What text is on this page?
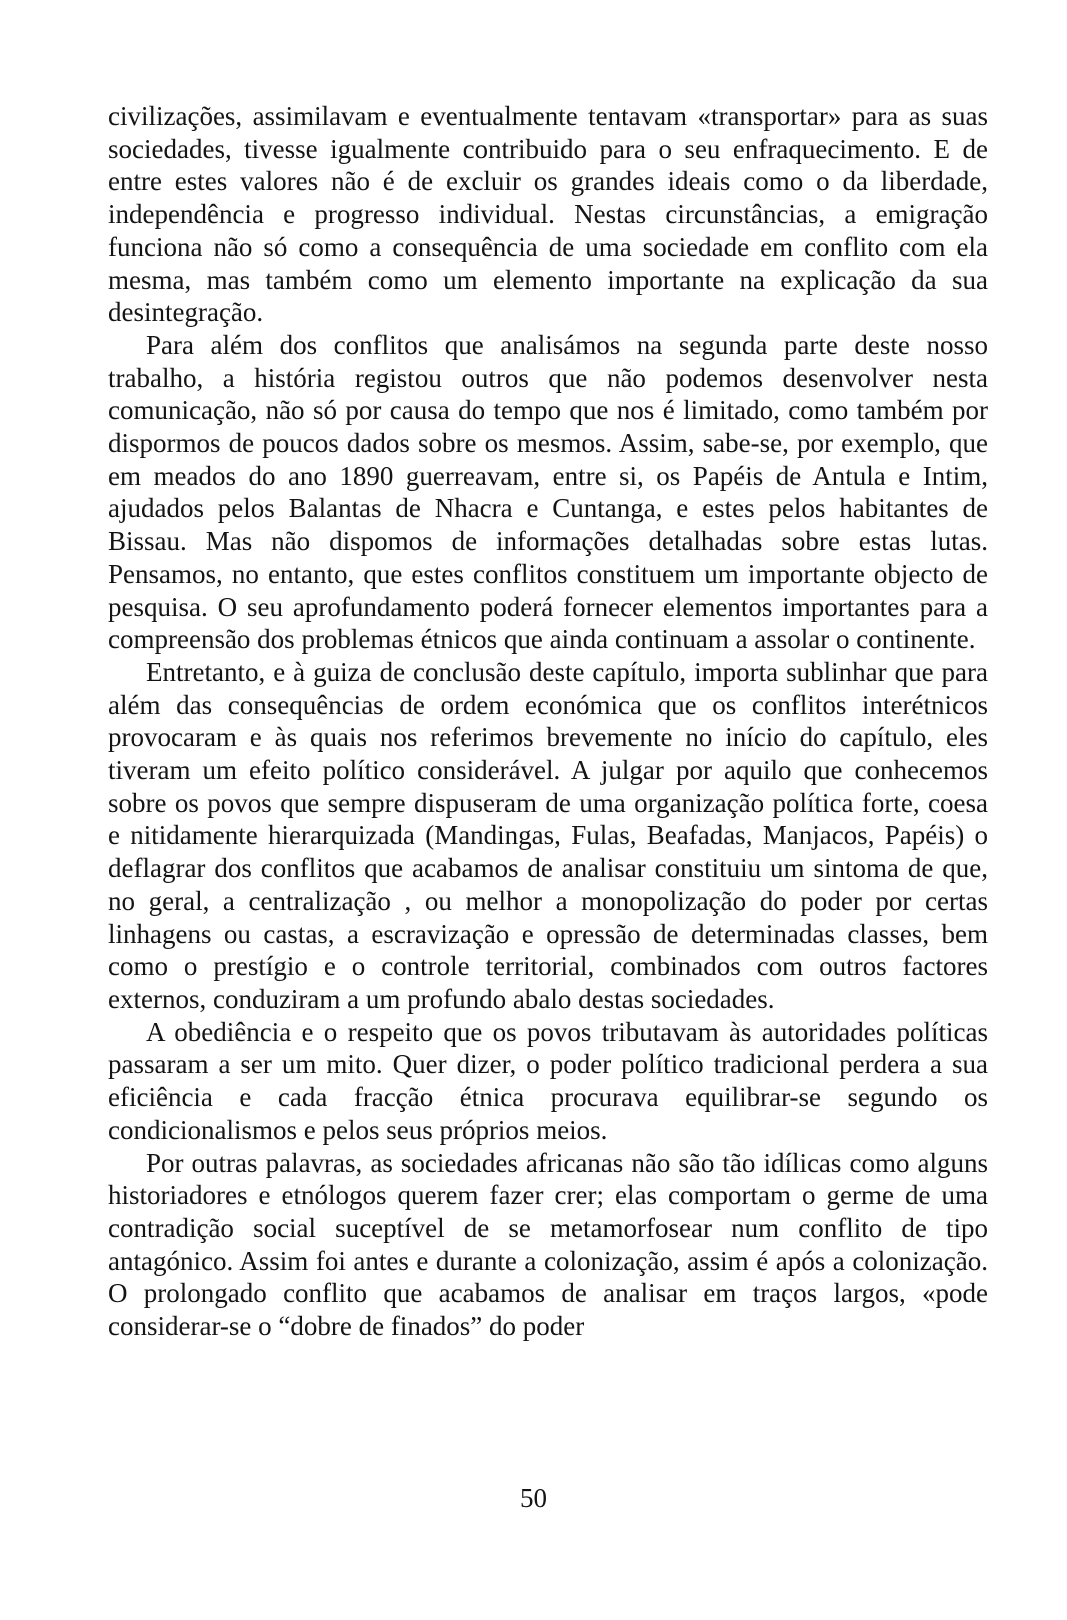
civilizações, assimilavam e eventualmente tentavam «transportar» para as suas sociedades, tivesse igualmente contribuido para o seu enfraquecimento. E de entre estes valores não é de excluir os grandes ideais como o da liberdade, independência e progresso individual. Nestas circunstâncias, a emigração funciona não só como a consequência de uma sociedade em conflito com ela mesma, mas também como um elemento importante na explicação da sua desintegração.

Para além dos conflitos que analisámos na segunda parte deste nosso trabalho, a história registou outros que não podemos desenvolver nesta comunicação, não só por causa do tempo que nos é limitado, como também por dispormos de poucos dados sobre os mesmos. Assim, sabe-se, por exemplo, que em meados do ano 1890 guerreavam, entre si, os Papéis de Antula e Intim, ajudados pelos Balantas de Nhacra e Cuntanga, e estes pelos habitantes de Bissau. Mas não dispomos de informações detalhadas sobre estas lutas. Pensamos, no entanto, que estes conflitos constituem um importante objecto de pesquisa. O seu aprofundamento poderá fornecer elementos importantes para a compreensão dos problemas étnicos que ainda continuam a assolar o continente.

Entretanto, e à guiza de conclusão deste capítulo, importa sublinhar que para além das consequências de ordem económica que os conflitos interétnicos provocaram e às quais nos referimos brevemente no início do capítulo, eles tiveram um efeito político considerável. A julgar por aquilo que conhecemos sobre os povos que sempre dispuseram de uma organização política forte, coesa e nitidamente hierarquizada (Mandingas, Fulas, Beafadas, Manjacos, Papéis) o deflagrar dos conflitos que acabamos de analisar constituiu um sintoma de que, no geral, a centralização , ou melhor a monopolização do poder por certas linhagens ou castas, a escravização e opressão de determinadas classes, bem como o prestígio e o controle territorial, combinados com outros factores externos, conduziram a um profundo abalo destas sociedades.

A obediência e o respeito que os povos tributavam às autoridades políticas passaram a ser um mito. Quer dizer, o poder político tradicional perdera a sua eficiência e cada fracção étnica procurava equilibrar-se segundo os condicionalismos e pelos seus próprios meios.

Por outras palavras, as sociedades africanas não são tão idílicas como alguns historiadores e etnólogos querem fazer crer; elas comportam o germe de uma contradição social suceptível de se metamorfosear num conflito de tipo antagónico. Assim foi antes e durante a colonização, assim é após a colonização. O prolongado conflito que acabamos de analisar em traços largos, «pode considerar-se o “dobre de finados” do poder

50
